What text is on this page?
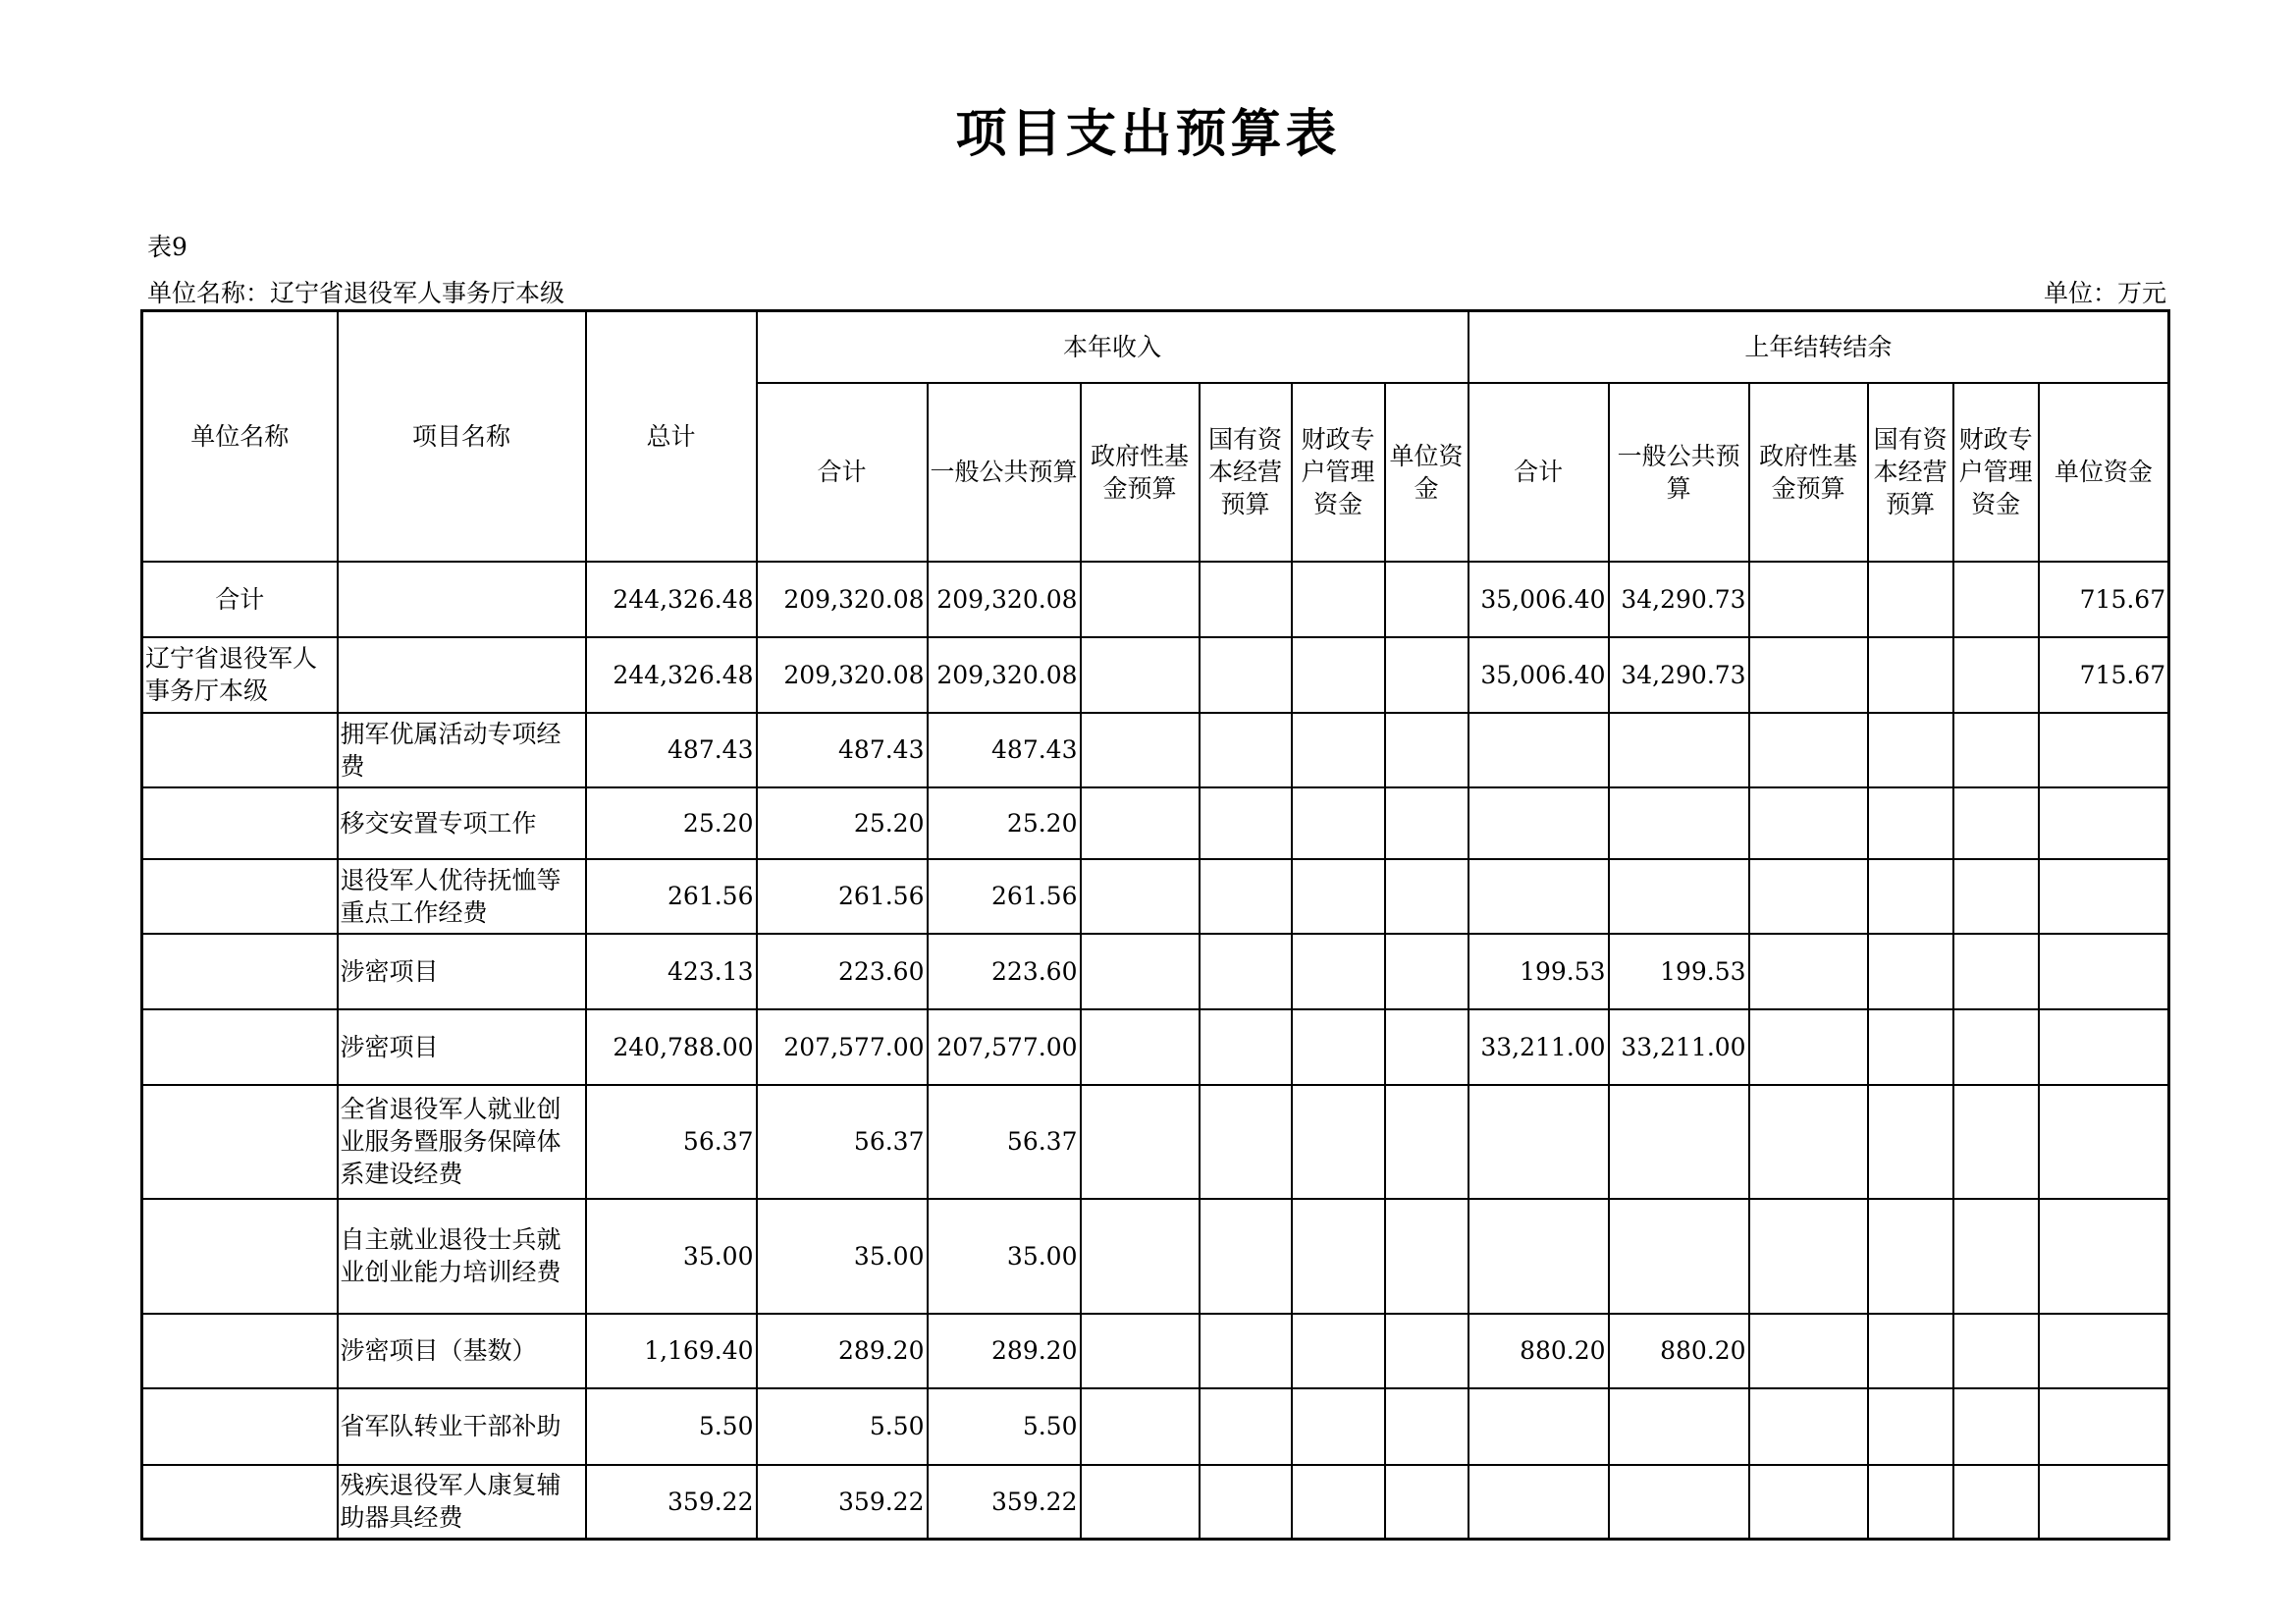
项目支出预算表
表9
单位名称：辽宁省退役军人事务厅本级	单位：万元
单位名称	项目名称	总计	本年收入						上年结转结余					
			合计	一般公共预算	政府性基金预算	国有资本经营预算	财政专户管理资金	单位资金	合计	一般公共预算	政府性基金预算	国有资本经营预算	财政专户管理资金	单位资金
合计		244,326.48	209,320.08	209,320.08					35,006.40	34,290.73				715.67
辽宁省退役军人事务厅本级		244,326.48	209,320.08	209,320.08					35,006.40	34,290.73				715.67
	拥军优属活动专项经费	487.43	487.43	487.43										
	移交安置专项工作	25.20	25.20	25.20										
	退役军人优待抚恤等重点工作经费	261.56	261.56	261.56										
	涉密项目	423.13	223.60	223.60					199.53	199.53				
	涉密项目	240,788.00	207,577.00	207,577.00					33,211.00	33,211.00				
	全省退役军人就业创业服务暨服务保障体系建设经费	56.37	56.37	56.37										
	自主就业退役士兵就业创业能力培训经费	35.00	35.00	35.00										
	涉密项目（基数）	1,169.40	289.20	289.20					880.20	880.20				
	省军队转业干部补助	5.50	5.50	5.50										
	残疾退役军人康复辅助器具经费	359.22	359.22	359.22										
